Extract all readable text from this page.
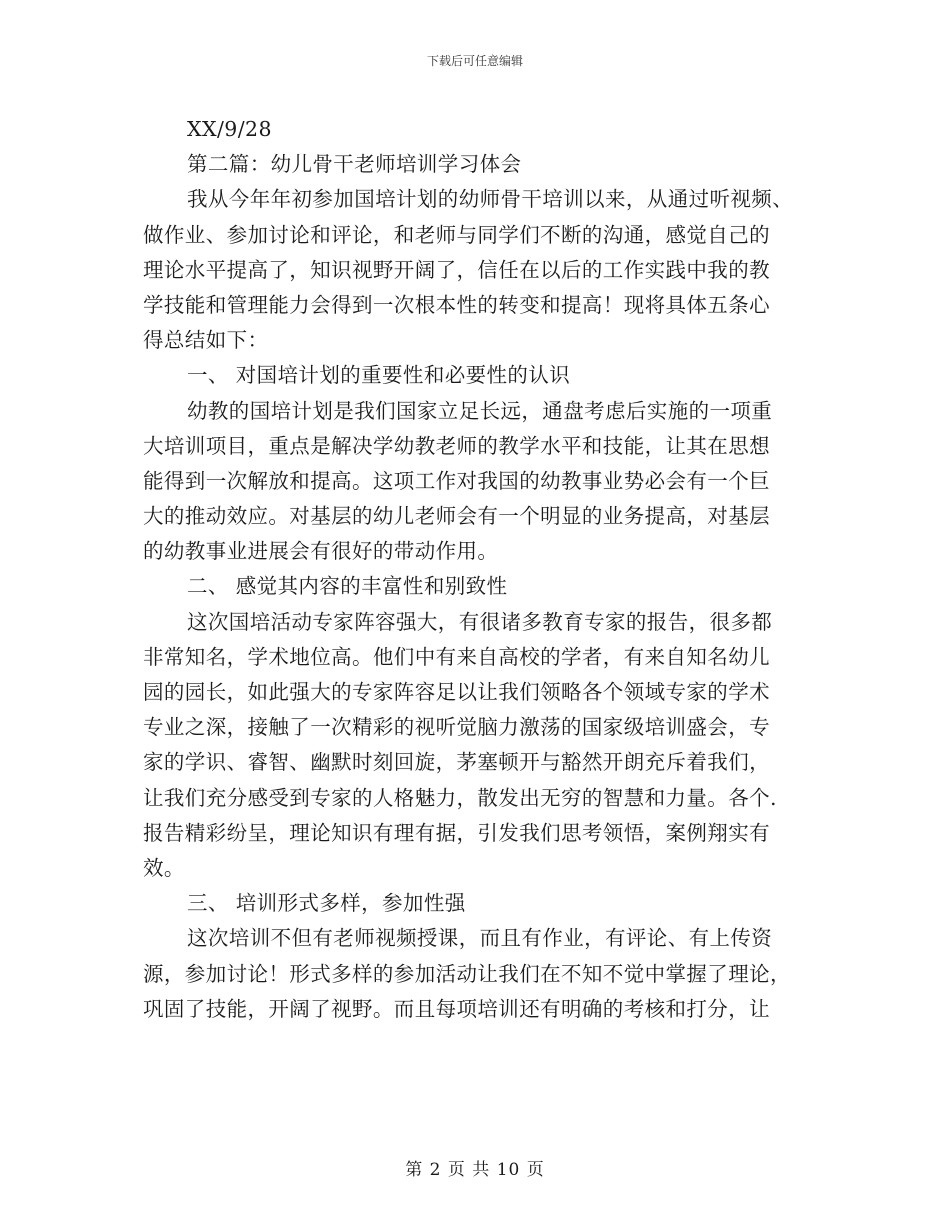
下载后可任意编辑
XX/9/28
第二篇：幼儿骨干老师培训学习体会
我从今年年初参加国培计划的幼师骨干培训以来，从通过听视频、
做作业、参加讨论和评论，和老师与同学们不断的沟通，感觉自己的
理论水平提高了，知识视野开阔了，信任在以后的工作实践中我的教
学技能和管理能力会得到一次根本性的转变和提高！现将具体五条心
得总结如下：
一、 对国培计划的重要性和必要性的认识
幼教的国培计划是我们国家立足长远，通盘考虑后实施的一项重
大培训项目，重点是解决学幼教老师的教学水平和技能，让其在思想
能得到一次解放和提高。这项工作对我国的幼教事业势必会有一个巨
大的推动效应。对基层的幼儿老师会有一个明显的业务提高，对基层
的幼教事业进展会有很好的带动作用。
二、 感觉其内容的丰富性和别致性
这次国培活动专家阵容强大，有很诸多教育专家的报告，很多都
非常知名，学术地位高。他们中有来自高校的学者，有来自知名幼儿
园的园长，如此强大的专家阵容足以让我们领略各个领域专家的学术
专业之深，接触了一次精彩的视听觉脑力激荡的国家级培训盛会，专
家的学识、睿智、幽默时刻回旋，茅塞顿开与豁然开朗充斥着我们，
让我们充分感受到专家的人格魅力，散发出无穷的智慧和力量。各个.
报告精彩纷呈，理论知识有理有据，引发我们思考领悟，案例翔实有
效。
三、 培训形式多样，参加性强
这次培训不但有老师视频授课，而且有作业，有评论、有上传资
源，参加讨论！形式多样的参加活动让我们在不知不觉中掌握了理论，
巩固了技能，开阔了视野。而且每项培训还有明确的考核和打分，让
第 2 页 共 10 页
